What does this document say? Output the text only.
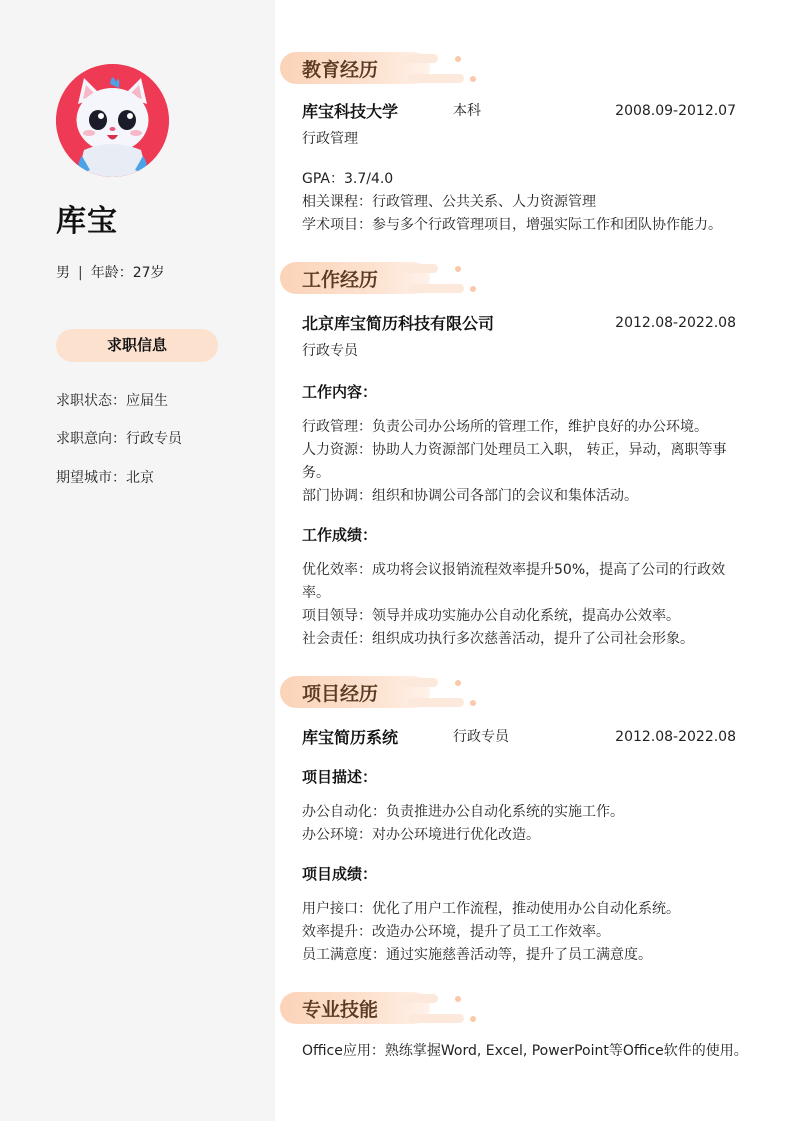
库宝
男 | 年龄：27岁
求职信息
求职状态：应届生
求职意向：行政专员
期望城市：北京
教育经历
库宝科技大学	本科	2008.09-2012.07
行政管理
GPA：3.7/4.0
相关课程：行政管理、公共关系、人力资源管理
学术项目：参与多个行政管理项目，增强实际工作和团队协作能力。
工作经历
北京库宝简历科技有限公司	2012.08-2022.08
行政专员
工作内容：
行政管理：负责公司办公场所的管理工作，维护良好的办公环境。
人力资源：协助人力资源部门处理员工入职， 转正，异动，离职等事
务。
部门协调：组织和协调公司各部门的会议和集体活动。
工作成绩：
优化效率：成功将会议报销流程效率提升50%，提高了公司的行政效
率。
项目领导：领导并成功实施办公自动化系统，提高办公效率。
社会责任：组织成功执行多次慈善活动，提升了公司社会形象。
项目经历
库宝简历系统	行政专员	2012.08-2022.08
项目描述：
办公自动化：负责推进办公自动化系统的实施工作。
办公环境：对办公环境进行优化改造。
项目成绩：
用户接口：优化了用户工作流程，推动使用办公自动化系统。
效率提升：改造办公环境，提升了员工工作效率。
员工满意度：通过实施慈善活动等，提升了员工满意度。
专业技能
Office应用：熟练掌握Word, Excel, PowerPoint等Office软件的使用。
